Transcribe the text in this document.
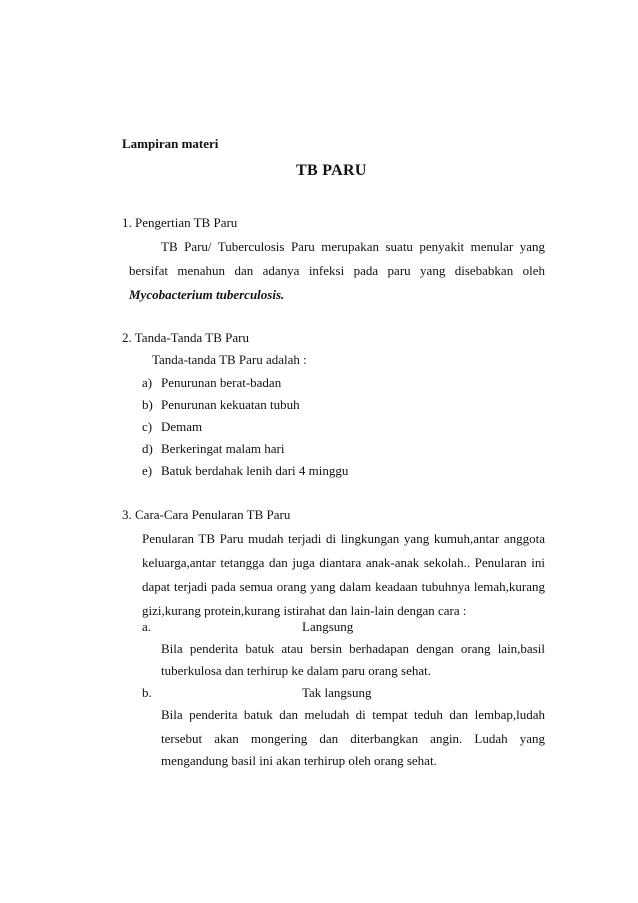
Lampiran materi
TB PARU
1. Pengertian TB Paru
TB Paru/ Tuberculosis Paru merupakan suatu penyakit menular yang
bersifat menahun dan adanya infeksi pada paru yang disebabkan oleh
Mycobacterium tuberculosis.
2. Tanda-Tanda TB Paru
Tanda-tanda TB Paru adalah :
a) Penurunan berat-badan
b) Penurunan kekuatan tubuh
c) Demam
d) Berkeringat malam hari
e) Batuk berdahak lenih dari 4 minggu
3. Cara-Cara Penularan TB Paru
Penularan TB Paru mudah terjadi di lingkungan yang kumuh,antar anggota
keluarga,antar tetangga dan juga diantara anak-anak sekolah.. Penularan ini
dapat terjadi pada semua orang yang dalam keadaan tubuhnya lemah,kurang
gizi,kurang protein,kurang istirahat dan lain-lain dengan cara :
a.	Langsung
Bila penderita batuk atau bersin berhadapan dengan orang lain,basil
tuberkulosa dan terhirup ke dalam paru orang sehat.
b.	Tak langsung
Bila penderita batuk dan meludah di tempat teduh dan lembap,ludah
tersebut akan mongering dan diterbangkan angin. Ludah yang
mengandung basil ini akan terhirup oleh orang sehat.
